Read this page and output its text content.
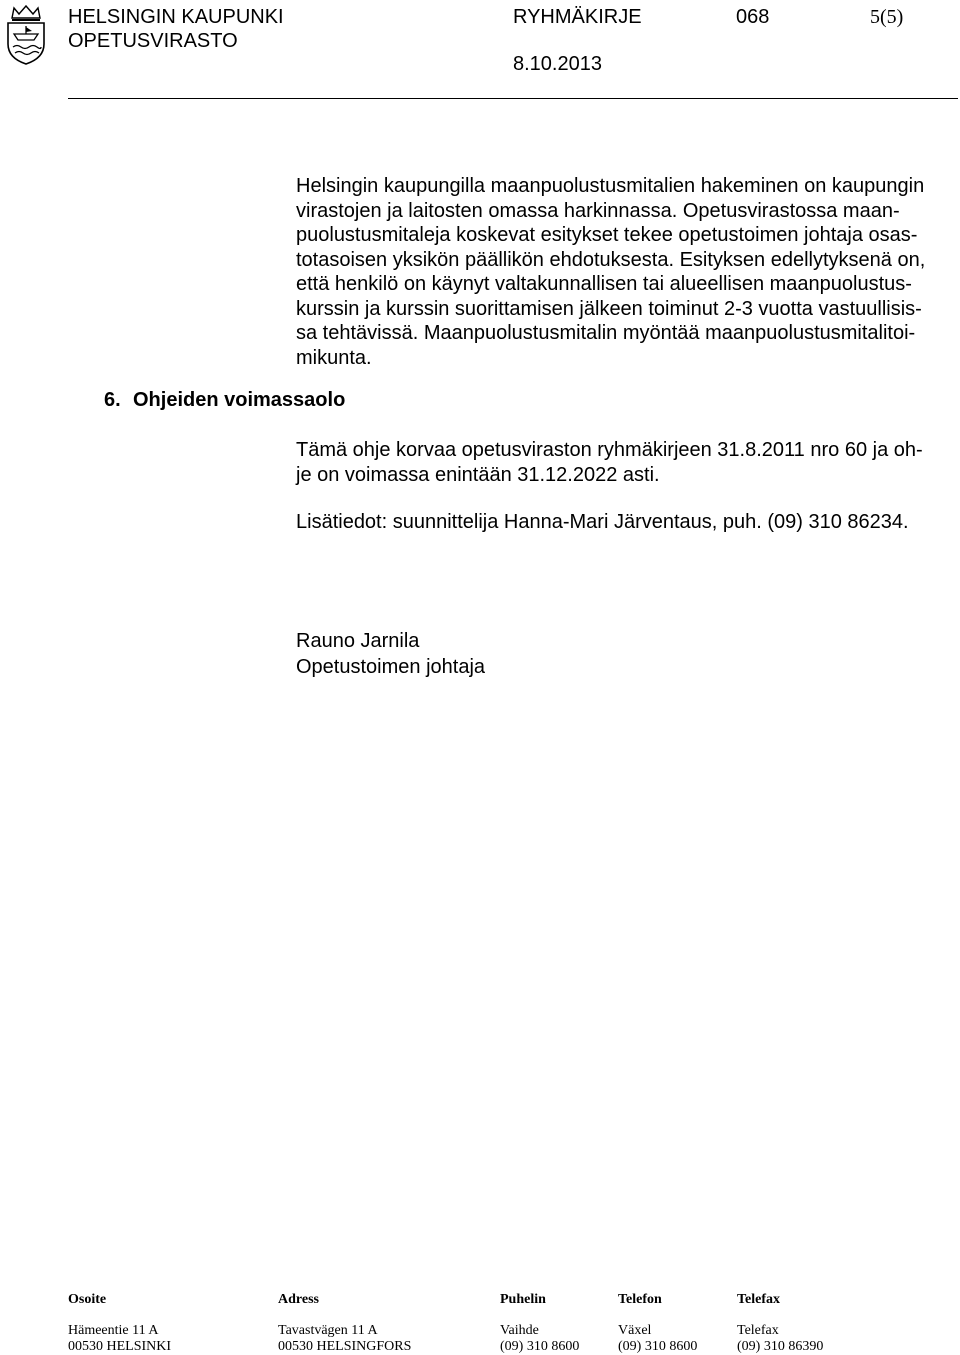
HELSINGIN KAUPUNKI
OPETUSVIRASTO
RYHMÄKIRJE	068	5(5)
8.10.2013
Helsingin kaupungilla maanpuolustusmitalien hakeminen on kaupungin
virastojen ja laitosten omassa harkinnassa. Opetusvirastossa maan-
puolustusmitaleja koskevat esitykset tekee opetustoimen johtaja osas-
totasoisen yksikön päällikön ehdotuksesta. Esityksen edellytyksenä on,
että henkilö on käynyt valtakunnallisen tai alueellisen maanpuolustus-
kurssin ja kurssin suorittamisen jälkeen toiminut 2-3 vuotta vastuullisis-
sa tehtävissä. Maanpuolustusmitalin myöntää maanpuolustusmitalitoi-
mikunta.
6. Ohjeiden voimassaolo
Tämä ohje korvaa opetusviraston ryhmäkirjeen 31.8.2011 nro 60 ja oh-
je on voimassa enintään 31.12.2022 asti.
Lisätiedot: suunnittelija Hanna-Mari Järventaus, puh. (09) 310 86234.
Rauno Jarnila
Opetustoimen johtaja
Osoite	Adress	Puhelin	Telefon	Telefax
Hämeentie 11 A	Tavastvägen 11 A	Vaihde	Växel	Telefax
00530 HELSINKI	00530 HELSINGFORS	(09) 310 8600	(09) 310 8600	(09) 310 86390
